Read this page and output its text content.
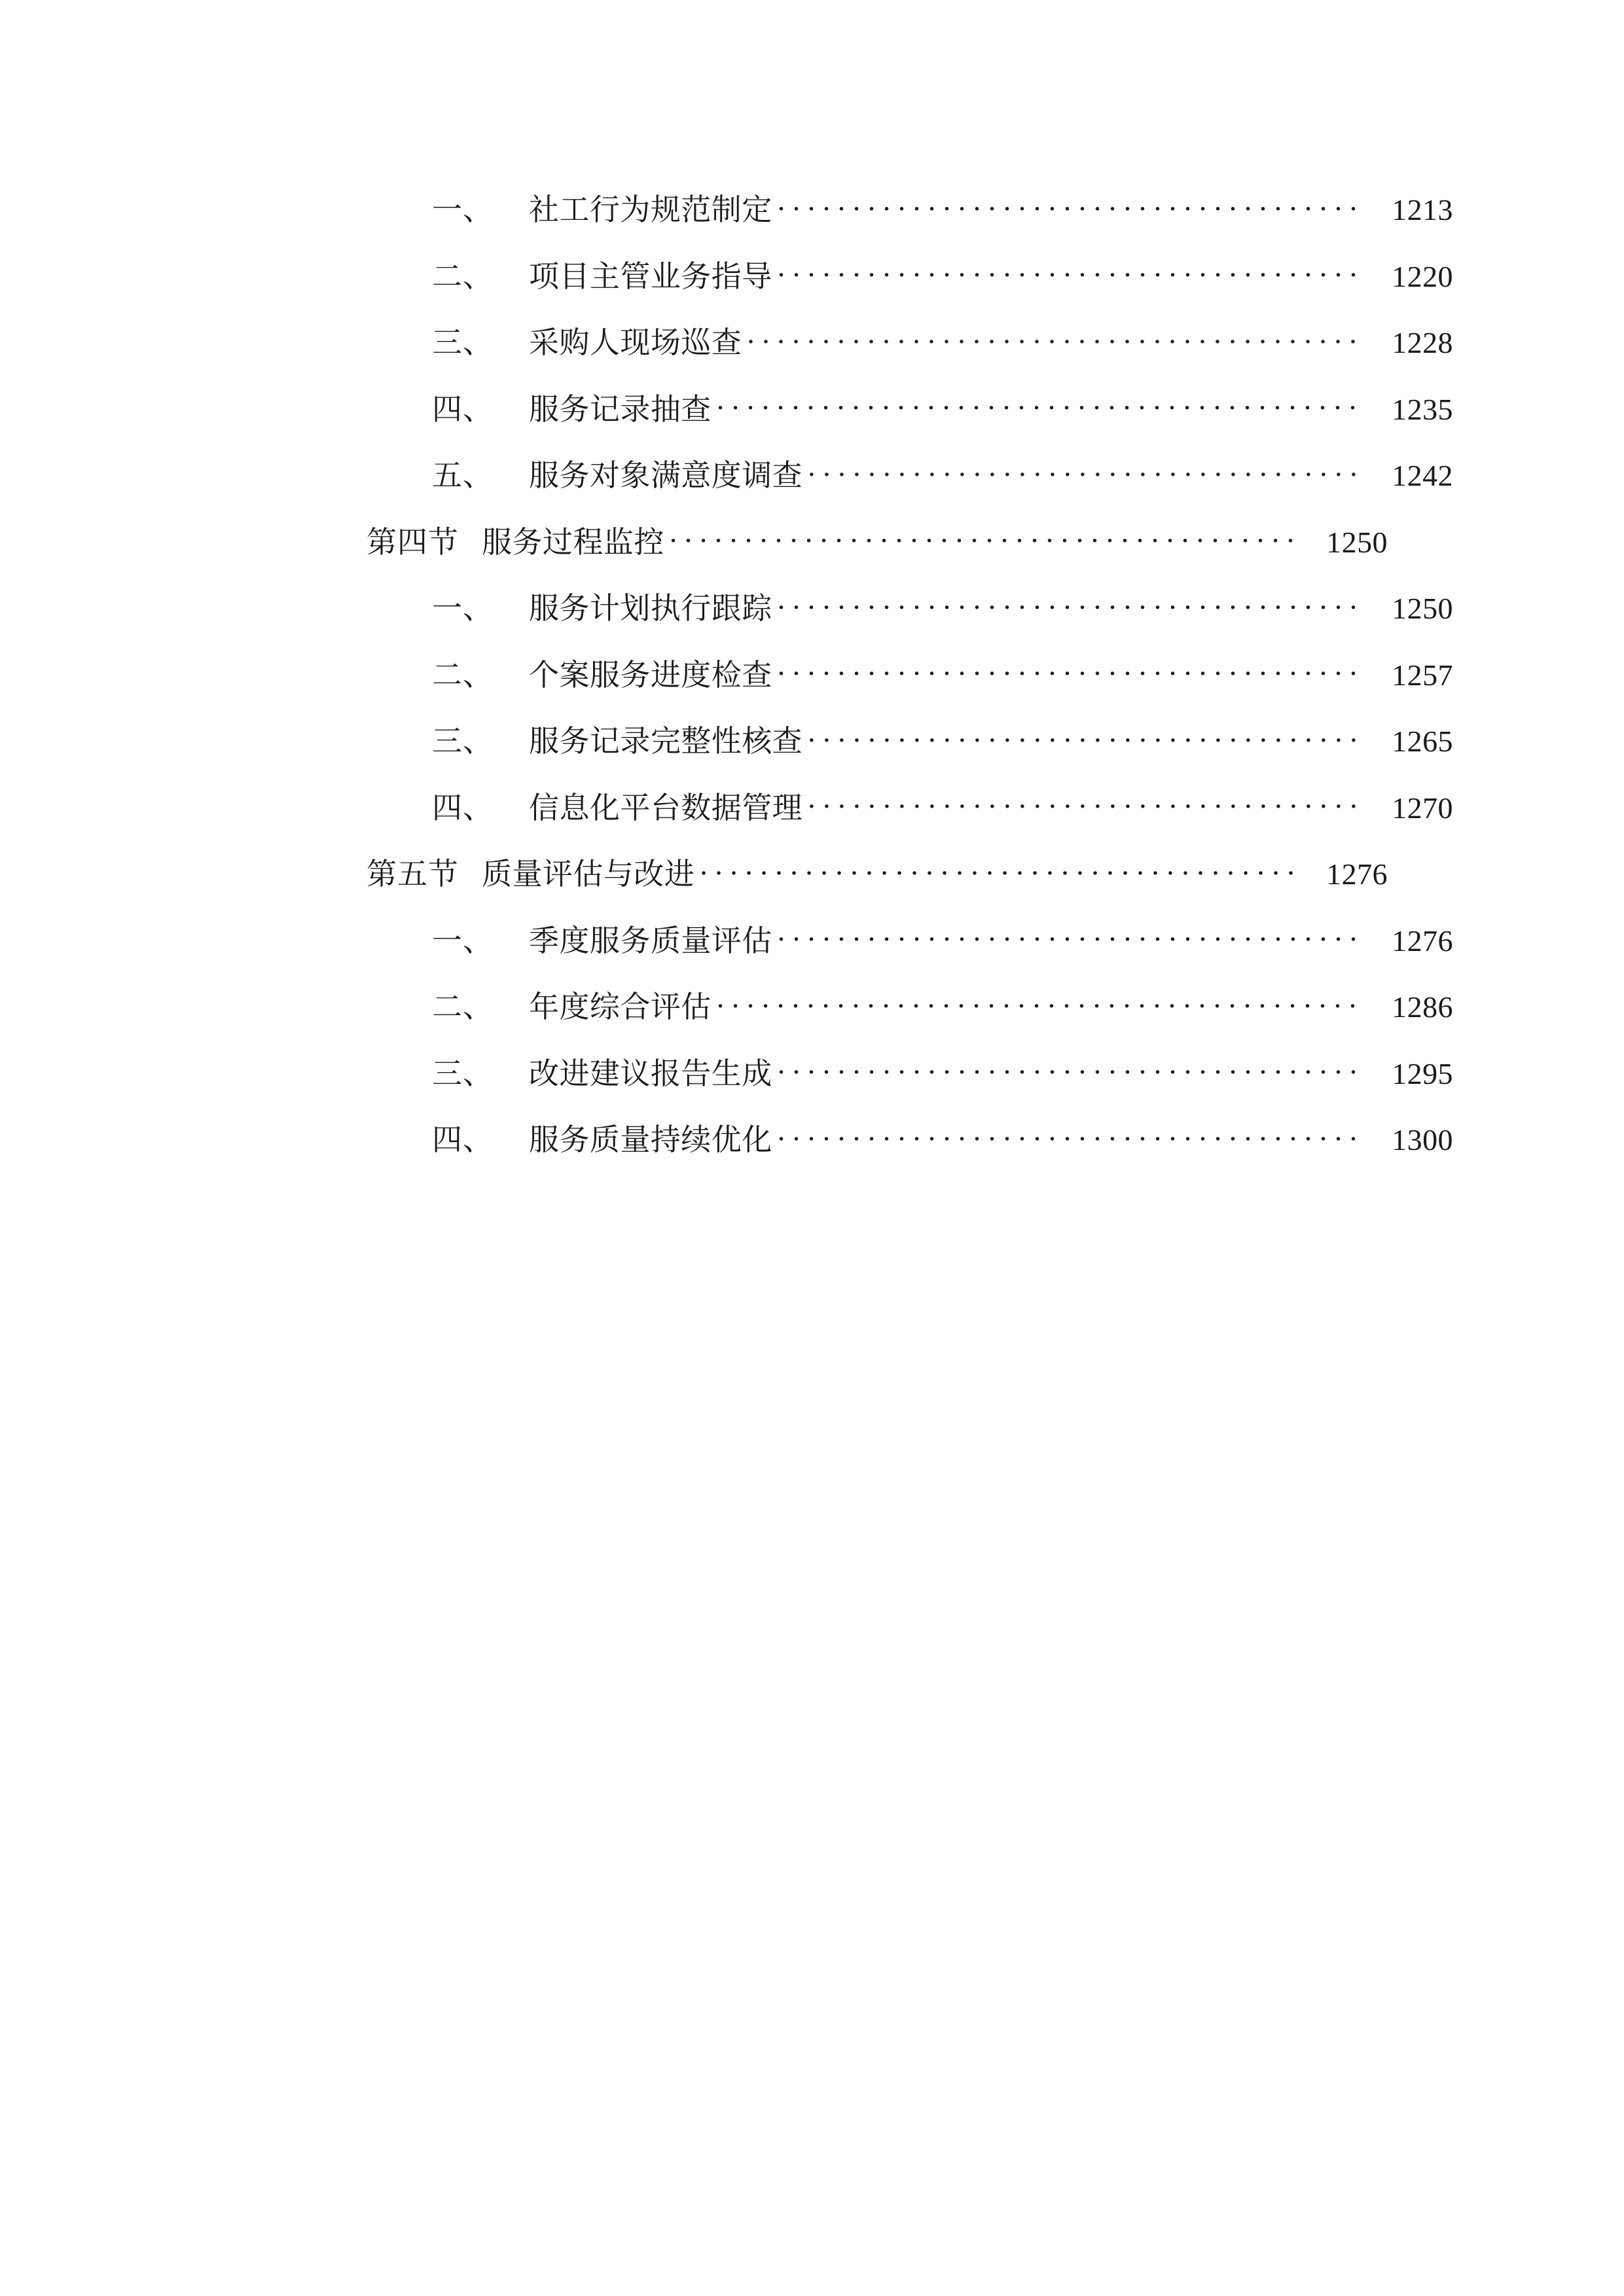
一、	社工行为规范制定 . . .	1213
二、	项目主管业务指导 . . .	1220
三、	采购人现场巡查 . . .	1228
四、	服务记录抽查 . . .	1235
五、	服务对象满意度调查 . . .	1242
第四节 服务过程监控 . . .	1250
一、	服务计划执行跟踪 . . .	1250
二、	个案服务进度检查 . . .	1257
三、	服务记录完整性核查 . . .	1265
四、	信息化平台数据管理 . . .	1270
第五节 质量评估与改进 . . .	1276
一、	季度服务质量评估 . . .	1276
二、	年度综合评估 . . .	1286
三、	改进建议报告生成 . . .	1295
四、	服务质量持续优化 . . .	1300
